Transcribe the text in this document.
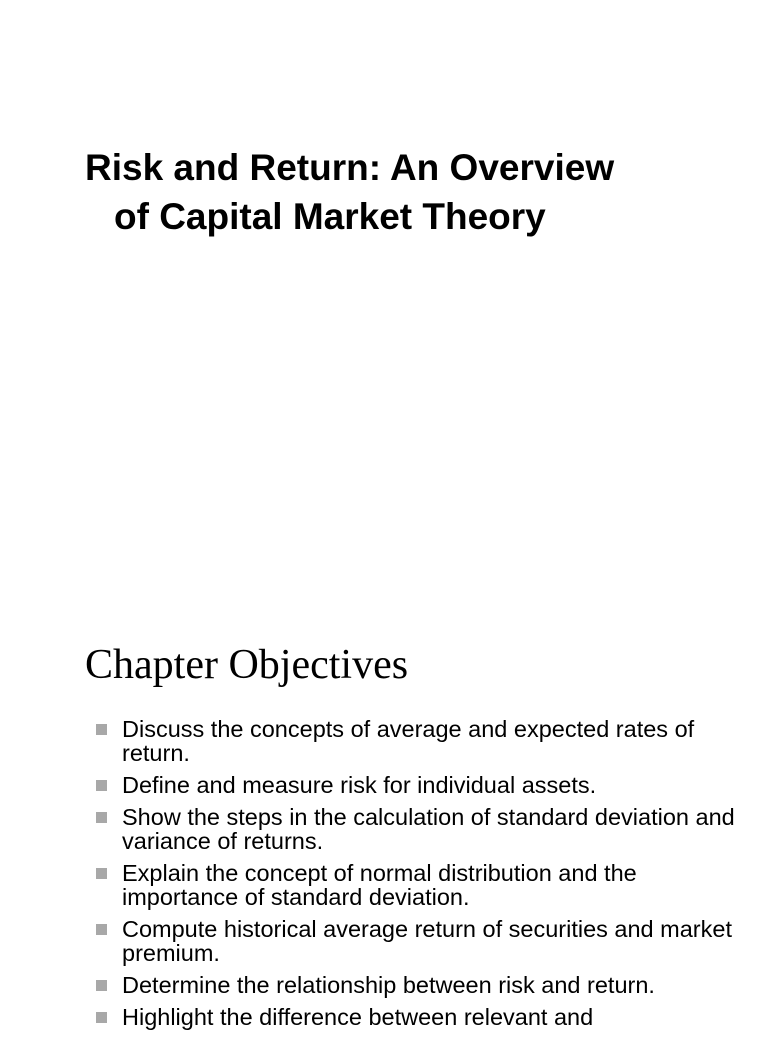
Risk and Return: An Overview
of Capital Market Theory
Chapter Objectives
Discuss the concepts of average and expected rates of return.
Define and measure risk for individual assets.
Show the steps in the calculation of standard deviation and variance of returns.
Explain the concept of normal distribution and the importance of standard deviation.
Compute historical average return of securities and market premium.
Determine the relationship between risk and return.
Highlight the difference between relevant and
